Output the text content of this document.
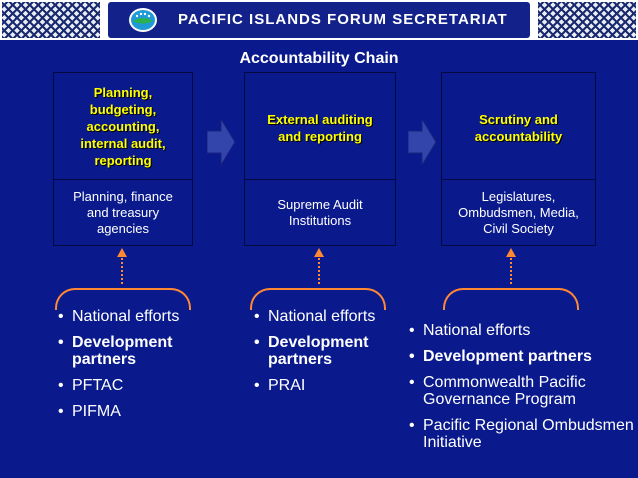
PACIFIC ISLANDS FORUM SECRETARIAT
Accountability Chain
Planning,
budgeting,
accounting,
internal audit,
reporting
Planning, finance
and treasury
agencies
External auditing
and reporting
Supreme Audit
Institutions
Scrutiny and
accountability
Legislatures,
Ombudsmen, Media,
Civil Society
• National efforts
• Development partners
• PFTAC
• PIFMA
• National efforts
• Development partners
• PRAI
• National efforts
• Development partners
• Commonwealth Pacific Governance Program
• Pacific Regional Ombudsmen Initiative
